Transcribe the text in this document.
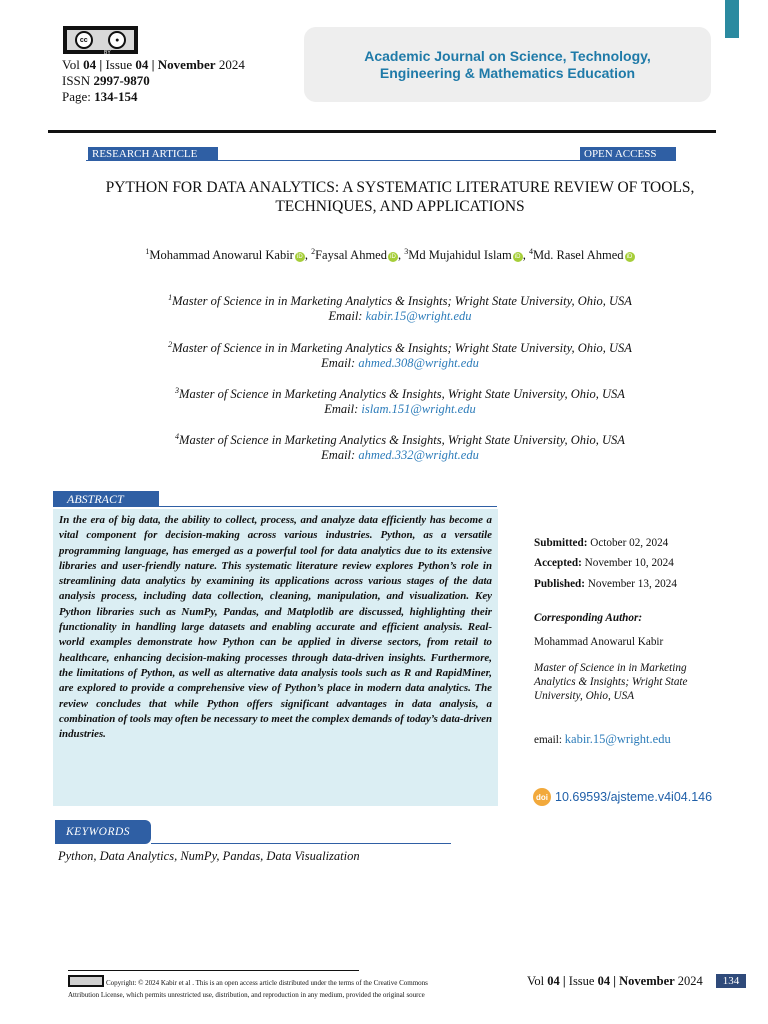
cc	●
BY
Vol 04 | Issue 04 | November 2024
ISSN 2997-9870
Page: 134-154
Academic Journal on Science, Technology, Engineering & Mathematics Education
RESEARCH ARTICLE	OPEN ACCESS
PYTHON FOR DATA ANALYTICS: A SYSTEMATIC LITERATURE REVIEW OF TOOLS, TECHNIQUES, AND APPLICATIONS
$^1$Mohammad Anowarul Kabir iD , $^2$Faysal Ahmed iD , $^3$Md Mujahidul Islam iD , $^4$Md. Rasel Ahmed iD
$^1$Master of Science in in Marketing Analytics & Insights; Wright State University, Ohio, USA
Email: kabir.15@wright.edu
$^2$Master of Science in in Marketing Analytics & Insights; Wright State University, Ohio, USA
Email: ahmed.308@wright.edu
$^3$Master of Science in Marketing Analytics & Insights, Wright State University, Ohio, USA
Email: islam.151@wright.edu
$^4$Master of Science in Marketing Analytics & Insights, Wright State University, Ohio, USA
Email: ahmed.332@wright.edu
ABSTRACT

In the era of big data, the ability to collect, process, and analyze data efficiently has become a vital component for decision-making across various industries. Python, as a versatile programming language, has emerged as a powerful tool for data analytics due to its extensive libraries and user-friendly nature. This systematic literature review explores Python’s role in streamlining data analytics by examining its applications across various stages of the data analysis process, including data collection, cleaning, manipulation, and visualization. Key Python libraries such as NumPy, Pandas, and Matplotlib are discussed, highlighting their functionality in handling large datasets and enabling accurate and efficient analysis. Real-world examples demonstrate how Python can be applied in diverse sectors, from retail to healthcare, enhancing decision-making processes through data-driven insights. Furthermore, the limitations of Python, as well as alternative data analysis tools such as R and RapidMiner, are explored to provide a comprehensive view of Python’s place in modern data analytics. The review concludes that while Python offers significant advantages in data analysis, a combination of tools may often be necessary to meet the complex demands of today’s data-driven industries.

Submitted: October 02, 2024
Accepted: November 10, 2024
Published: November 13, 2024
Corresponding Author:
Mohammad Anowarul Kabir
Master of Science in in Marketing Analytics & Insights; Wright State University, Ohio, USA
email: kabir.15@wright.edu
doi 10.69593/ajsteme.v4i04.146
KEYWORDS
Python, Data Analytics, NumPy, Pandas, Data Visualization
Copyright: © 2024 Kabir et al . This is an open access article distributed under the terms of the Creative Commons
Attribution License, which permits unrestricted use, distribution, and reproduction in any medium, provided the original source
Vol 04 | Issue 04 | November 2024	134
